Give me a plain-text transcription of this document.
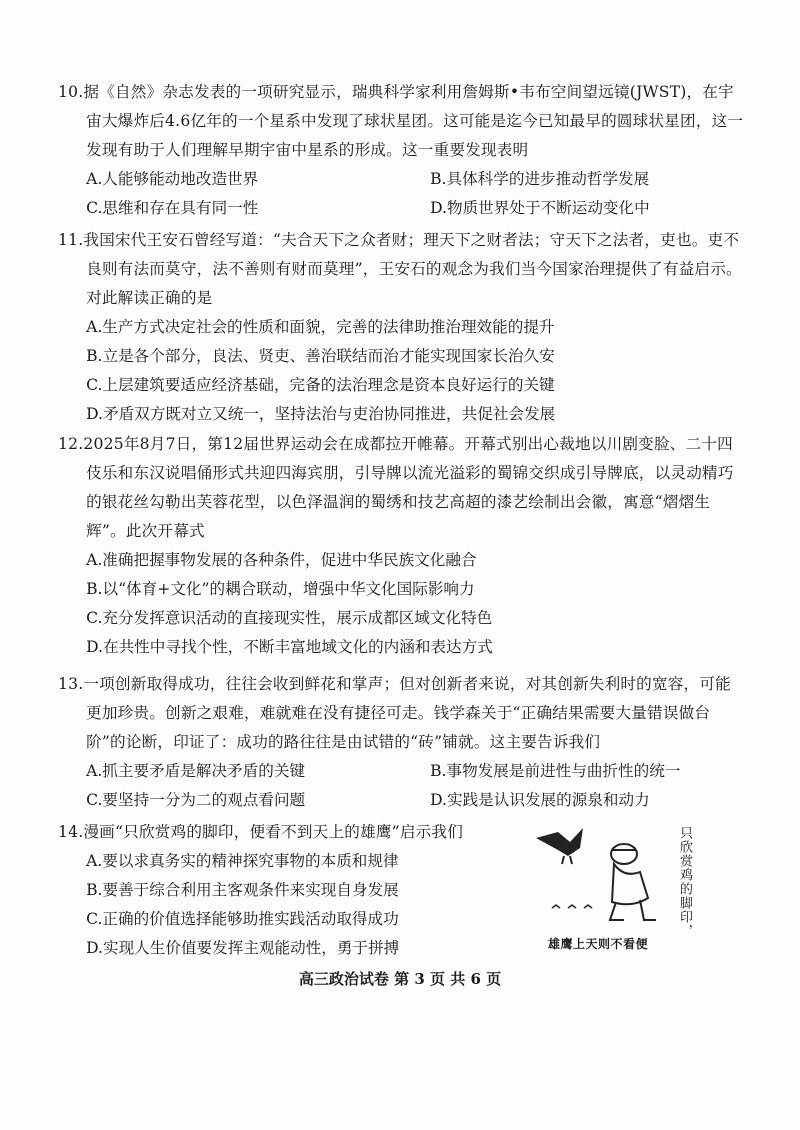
10.据《自然》杂志发表的一项研究显示，瑞典科学家利用詹姆斯•韦布空间望远镜(JWST)，在宇宙大爆炸后4.6亿年的一个星系中发现了球状星团。这可能是迄今已知最早的圆球状星团，这一发现有助于人们理解早期宇宙中星系的形成。这一重要发现表明
A.人能够能动地改造世界	B.具体科学的进步推动哲学发展
C.思维和存在具有同一性	D.物质世界处于不断运动变化中
11.我国宋代王安石曾经写道：“夫合天下之众者财；理天下之财者法；守天下之法者，吏也。吏不良则有法而莫守，法不善则有财而莫理”，王安石的观念为我们当今国家治理提供了有益启示。对此解读正确的是
A.生产方式决定社会的性质和面貌，完善的法律助推治理效能的提升
B.立是各个部分，良法、贤吏、善治联结而治才能实现国家长治久安
C.上层建筑要适应经济基础，完备的法治理念是资本良好运行的关键
D.矛盾双方既对立又统一，坚持法治与吏治协同推进，共促社会发展
12.2025年8月7日，第12届世界运动会在成都拉开帷幕。开幕式别出心裁地以川剧变脸、二十四伎乐和东汉说唱俑形式共迎四海宾朋，引导牌以流光溢彩的蜀锦交织成引导牌底，以灵动精巧的银花丝勾勒出芙蓉花型，以色泽温润的蜀绣和技艺高超的漆艺绘制出会徽，寓意“熠熠生辉”。此次开幕式
A.准确把握事物发展的各种条件，促进中华民族文化融合
B.以“体育+文化”的耦合联动，增强中华文化国际影响力
C.充分发挥意识活动的直接现实性，展示成都区域文化特色
D.在共性中寻找个性，不断丰富地域文化的内涵和表达方式
13.一项创新取得成功，往往会收到鲜花和掌声；但对创新者来说，对其创新失利时的宽容，可能更加珍贵。创新之艰难，难就难在没有捷径可走。钱学森关于“正确结果需要大量错误做台阶”的论断，印证了：成功的路往往是由试错的“砖”铺就。这主要告诉我们
A.抓主要矛盾是解决矛盾的关键	B.事物发展是前进性与曲折性的统一
C.要坚持一分为二的观点看问题	D.实践是认识发展的源泉和动力
14.漫画“只欣赏鸡的脚印，便看不到天上的雄鹰”启示我们
A.要以求真务实的精神探究事物的本质和规律
B.要善于综合利用主客观条件来实现自身发展
C.正确的价值选择能够助推实践活动取得成功
D.实现人生价值要发挥主观能动性，勇于拼搏
只欣赏鸡的脚印，
雄鹰上天则不看便
高三政治试卷 第 3 页 共 6 页
